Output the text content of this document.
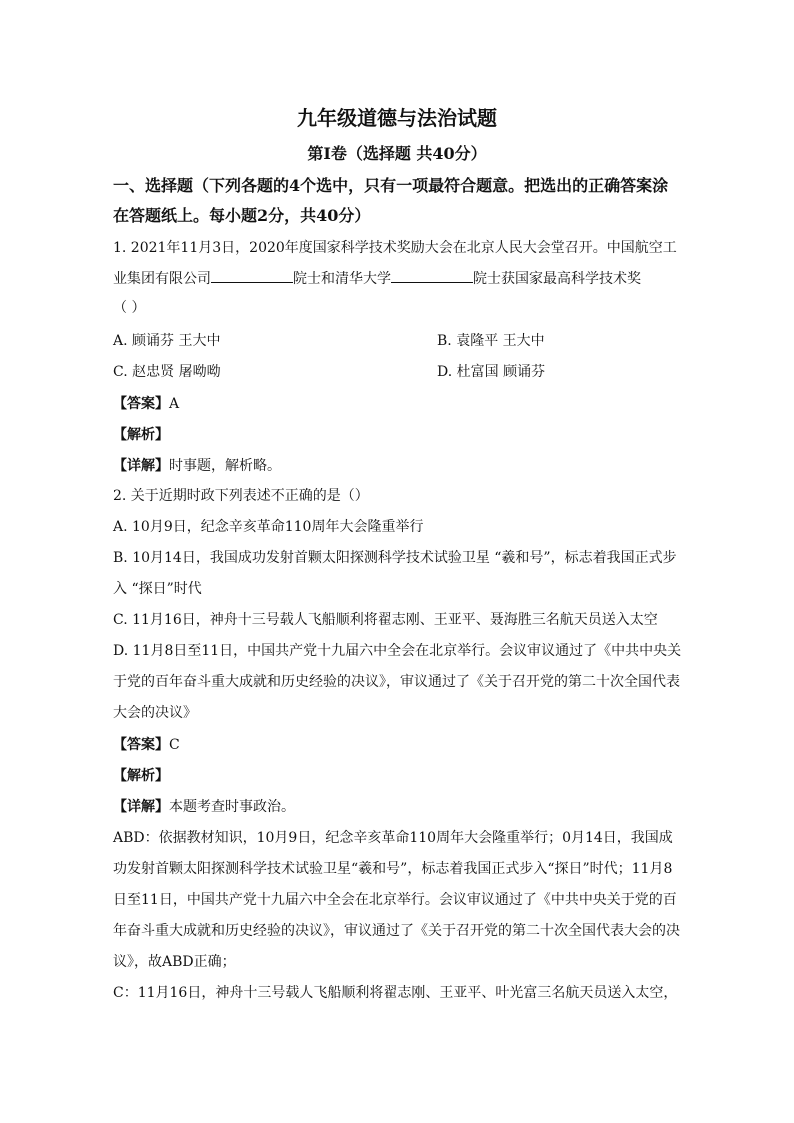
九年级道德与法治试题
第I卷（选择题 共40分）
一、选择题（下列各题的4个选中，只有一项最符合题意。把选出的正确答案涂
在答题纸上。每小题2分，共40分）
1. 2021年11月3日，2020年度国家科学技术奖励大会在北京人民大会堂召开。中国航空工
业集团有限公司	院士和清华大学	院士获国家最高科学技术奖
（ ）
A. 顾诵芬 王大中	B. 袁隆平 王大中
C. 赵忠贤 屠呦呦	D. 杜富国 顾诵芬
【答案】A
【解析】
【详解】时事题，解析略。
2. 关于近期时政下列表述不正确的是（）
A. 10月9日，纪念辛亥革命110周年大会隆重举行
B. 10月14日，我国成功发射首颗太阳探测科学技术试验卫星 “羲和号”，标志着我国正式步
入 “探日”时代
C. 11月16日，神舟十三号载人飞船顺利将翟志刚、王亚平、聂海胜三名航天员送入太空
D. 11月8日至11日，中国共产党十九届六中全会在北京举行。会议审议通过了《中共中央关
于党的百年奋斗重大成就和历史经验的决议》，审议通过了《关于召开党的第二十次全国代表
大会的决议》
【答案】C
【解析】
【详解】本题考查时事政治。
ABD：依据教材知识，10月9日，纪念辛亥革命110周年大会隆重举行；0月14日，我国成
功发射首颗太阳探测科学技术试验卫星“羲和号”，标志着我国正式步入“探日”时代；11月8
日至11日，中国共产党十九届六中全会在北京举行。会议审议通过了《中共中央关于党的百
年奋斗重大成就和历史经验的决议》，审议通过了《关于召开党的第二十次全国代表大会的决
议》，故ABD正确；
C：11月16日，神舟十三号载人飞船顺利将翟志刚、王亚平、叶光富三名航天员送入太空，
